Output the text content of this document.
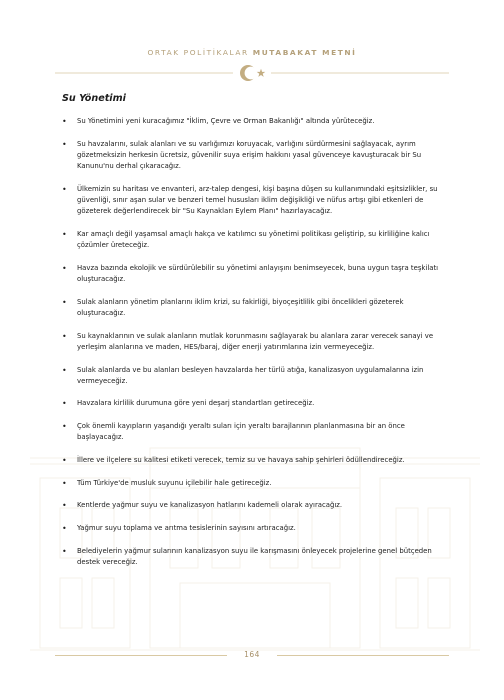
ORTAK POLİTİKALAR MUTABAKAT METNİ
Su Yönetimi
• Su Yönetimini yeni kuracağımız "İklim, Çevre ve Orman Bakanlığı" altında yürüteceğiz.
• Su havzalarını, sulak alanları ve su varlığımızı koruyacak, varlığını sürdürmesini sağlayacak, ayrım gözetmeksizin herkesin ücretsiz, güvenilir suya erişim hakkını yasal güvenceye kavuşturacak bir Su Kanunu'nu derhal çıkaracağız.
• Ülkemizin su haritası ve envanteri, arz-talep dengesi, kişi başına düşen su kullanımındaki eşitsizlikler, su güvenliği, sınır aşan sular ve benzeri temel hususları iklim değişikliği ve nüfus artışı gibi etkenleri de gözeterek değerlendirecek bir "Su Kaynakları Eylem Planı" hazırlayacağız.
• Kar amaçlı değil yaşamsal amaçlı hakça ve katılımcı su yönetimi politikası geliştirip, su kirliliğine kalıcı çözümler üreteceğiz.
• Havza bazında ekolojik ve sürdürülebilir su yönetimi anlayışını benimseyecek, buna uygun taşra teşkilatı oluşturacağız.
• Sulak alanların yönetim planlarını iklim krizi, su fakirliği, biyoçeşitlilik gibi öncelikleri gözeterek oluşturacağız.
• Su kaynaklarının ve sulak alanların mutlak korunmasını sağlayarak bu alanlara zarar verecek sanayi ve yerleşim alanlarına ve maden, HES/baraj, diğer enerji yatırımlarına izin vermeyeceğiz.
• Sulak alanlarda ve bu alanları besleyen havzalarda her türlü atığa, kanalizasyon uygulamalarına izin vermeyeceğiz.
• Havzalara kirlilik durumuna göre yeni deşarj standartları getireceğiz.
• Çok önemli kayıpların yaşandığı yeraltı suları için yeraltı barajlarının planlanmasına bir an önce başlayacağız.
• İllere ve ilçelere su kalitesi etiketi verecek, temiz su ve havaya sahip şehirleri ödüllendireceğiz.
• Tüm Türkiye'de musluk suyunu içilebilir hale getireceğiz.
• Kentlerde yağmur suyu ve kanalizasyon hatlarını kademeli olarak ayıracağız.
• Yağmur suyu toplama ve arıtma tesislerinin sayısını artıracağız.
• Belediyelerin yağmur sularının kanalizasyon suyu ile karışmasını önleyecek projelerine genel bütçeden destek vereceğiz.
164
